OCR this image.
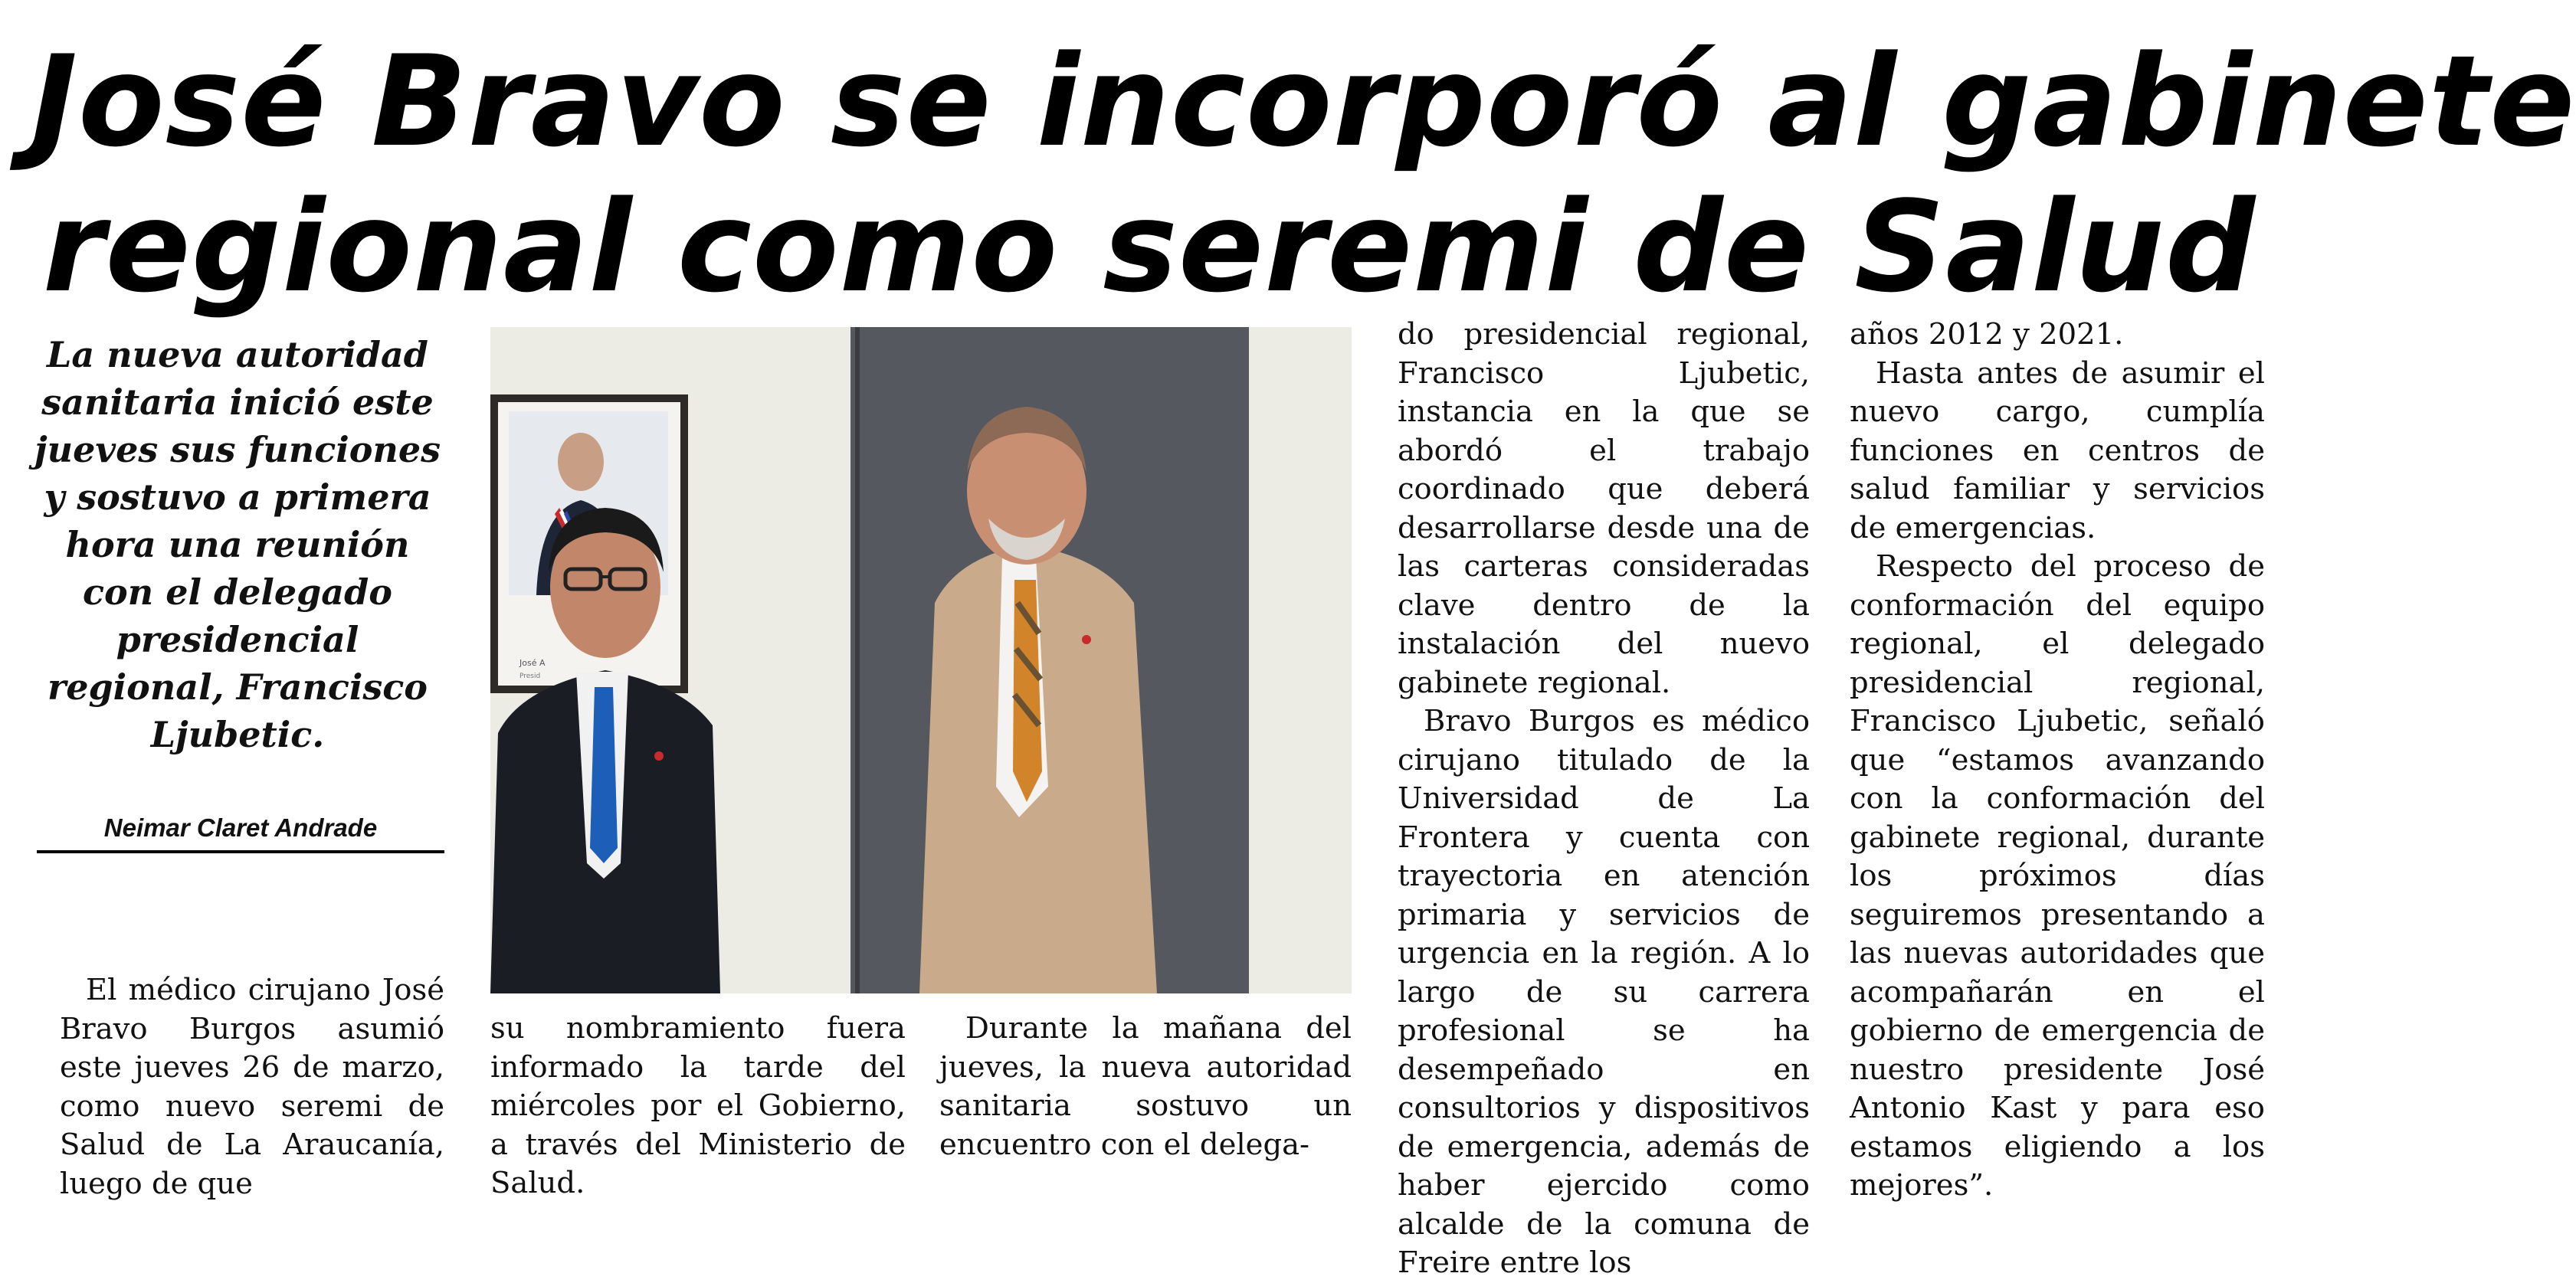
José Bravo se incorporó al gabinete
regional como seremi de Salud
La nueva autoridad sanitaria inició este jueves sus funciones y sostuvo a primera hora una reunión con el delegado presidencial regional, Francisco Ljubetic.
Neimar Claret Andrade
José A
Presid

El médico cirujano José Bravo Burgos asumió este jueves 26 de marzo, como nuevo seremi de Salud de La Araucanía, luego de que

su nombramiento fuera informado la tarde del miércoles por el Gobierno, a través del Ministerio de Salud.

Durante la mañana del jueves, la nueva autoridad sanitaria sostuvo un encuentro con el delega-

do presidencial regional, Francisco Ljubetic, instancia en la que se abordó el trabajo coordinado que deberá desarrollarse desde una de las carteras consideradas clave dentro de la instalación del nuevo gabinete regional.

Bravo Burgos es médico cirujano titulado de la Universidad de La Frontera y cuenta con trayectoria en atención primaria y servicios de urgencia en la región. A lo largo de su carrera profesional se ha desempeñado en consultorios y dispositivos de emergencia, además de haber ejercido como alcalde de la comuna de Freire entre los

años 2012 y 2021.

Hasta antes de asumir el nuevo cargo, cumplía funciones en centros de salud familiar y servicios de emergencias.

Respecto del proceso de conformación del equipo regional, el delegado presidencial regional, Francisco Ljubetic, señaló que “estamos avanzando con la conformación del gabinete regional, durante los próximos días seguiremos presentando a las nuevas autoridades que acompañarán en el gobierno de emergencia de nuestro presidente José Antonio Kast y para eso estamos eligiendo a los mejores”.
